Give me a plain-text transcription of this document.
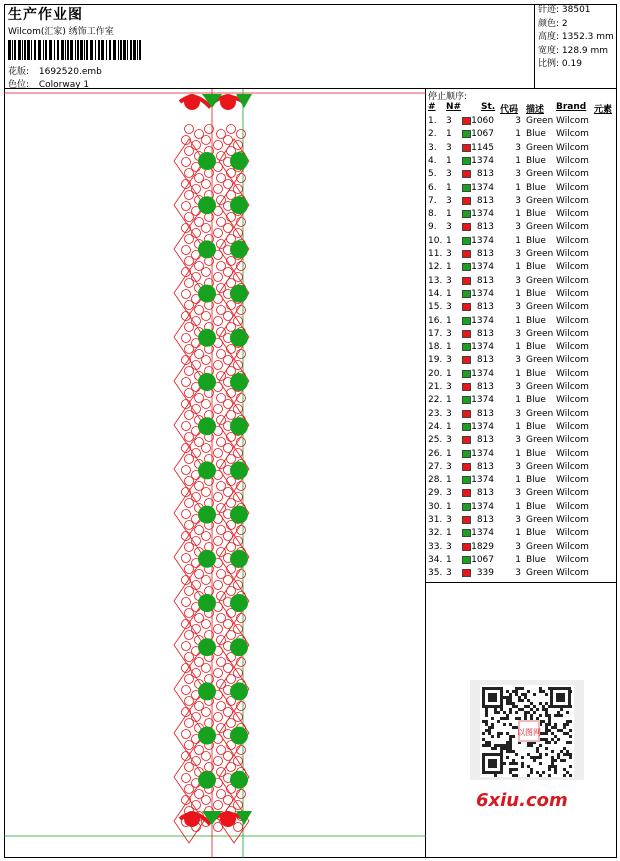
生产作业图
Wilcom(汇家) 绣饰工作室
花版: 1692520.emb
色位: Colorway 1
针迹: 38501
颜色: 2
高度: 1352.3 mm
宽度: 128.9 mm
比例: 0.19
停止顺序:
# N# St. 代码 描述 Brand 元素
1. 3 1060 3 Green Wilcom
2. 1 1067 1 Blue Wilcom
3. 3 1145 3 Green Wilcom
4. 1 1374 1 Blue Wilcom
5. 3	813 3 Green Wilcom
6. 1 1374 1 Blue Wilcom
7. 3	813 3 Green Wilcom
8. 1 1374 1 Blue Wilcom
9. 3	813 3 Green Wilcom
10. 1 1374 1 Blue Wilcom
11. 3	813 3 Green Wilcom
12. 1 1374 1 Blue Wilcom
13. 3	813 3 Green Wilcom
14. 1 1374 1 Blue Wilcom
15. 3	813 3 Green Wilcom
16. 1 1374 1 Blue Wilcom
17. 3	813 3 Green Wilcom
18. 1 1374 1 Blue Wilcom
19. 3	813 3 Green Wilcom
20. 1 1374 1 Blue Wilcom
21. 3	813 3 Green Wilcom
22. 1 1374 1 Blue Wilcom
23. 3	813 3 Green Wilcom
24. 1 1374 1 Blue Wilcom
25. 3	813 3 Green Wilcom
26. 1 1374 1 Blue Wilcom
27. 3	813 3 Green Wilcom
28. 1 1374 1 Blue Wilcom
29. 3	813 3 Green Wilcom
30. 1 1374 1 Blue Wilcom
31. 3	813 3 Green Wilcom
32. 1 1374 1 Blue Wilcom
33. 3 1829 3 Green Wilcom
34. 1 1067 1 Blue Wilcom
35. 3	339 3 Green Wilcom
以图网
6xiu.com
